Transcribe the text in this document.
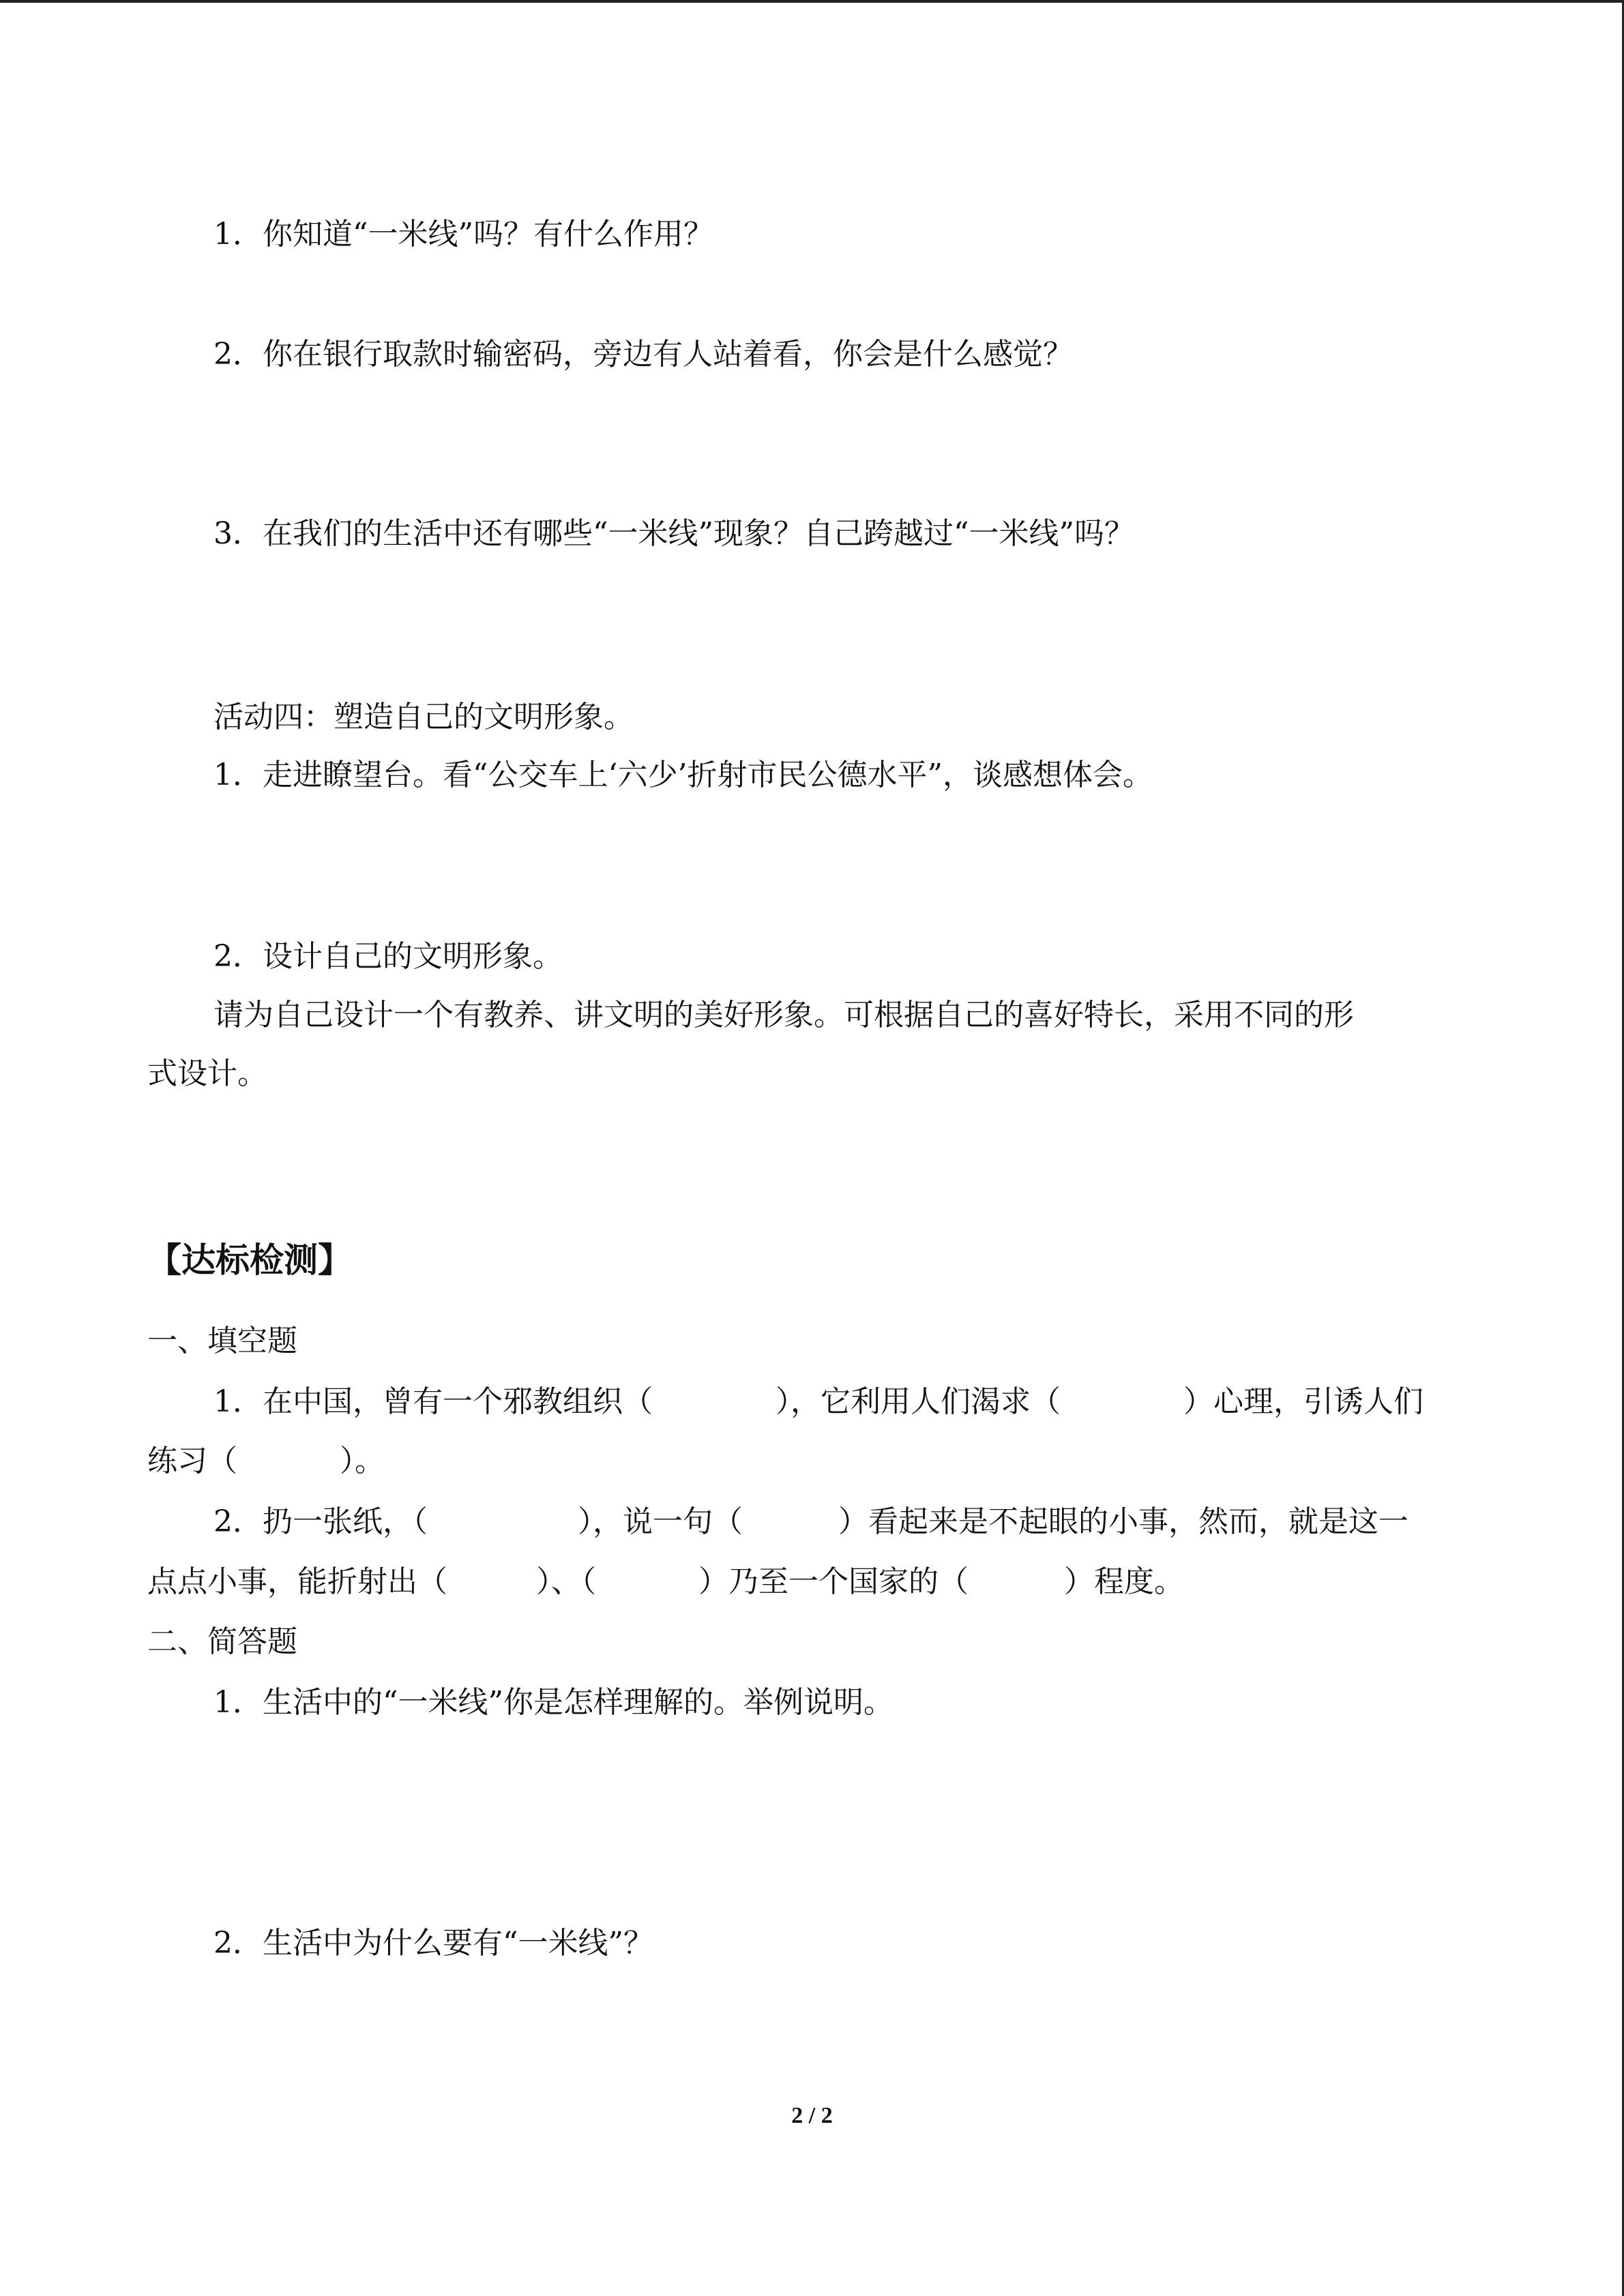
1．你知道“一米线”吗？有什么作用？
2．你在银行取款时输密码，旁边有人站着看，你会是什么感觉？
3．在我们的生活中还有哪些“一米线”现象？自己跨越过“一米线”吗？
活动四：塑造自己的文明形象。
1．走进瞭望台。看“公交车上‘六少’折射市民公德水平”，谈感想体会。
2．设计自己的文明形象。
请为自己设计一个有教养、讲文明的美好形象。可根据自己的喜好特长，采用不同的形
式设计。
【达标检测】
一、填空题
1．在中国，曾有一个邪教组织（	），它利用人们渴求（	）心理，引诱人们
练习（	）。
2．扔一张纸，（	），说一句（	）看起来是不起眼的小事，然而，就是这一
点点小事，能折射出（	）、（	）乃至一个国家的（	）程度。
二、简答题
1．生活中的“一米线”你是怎样理解的。举例说明。
2．生活中为什么要有“一米线”？
2 / 2
